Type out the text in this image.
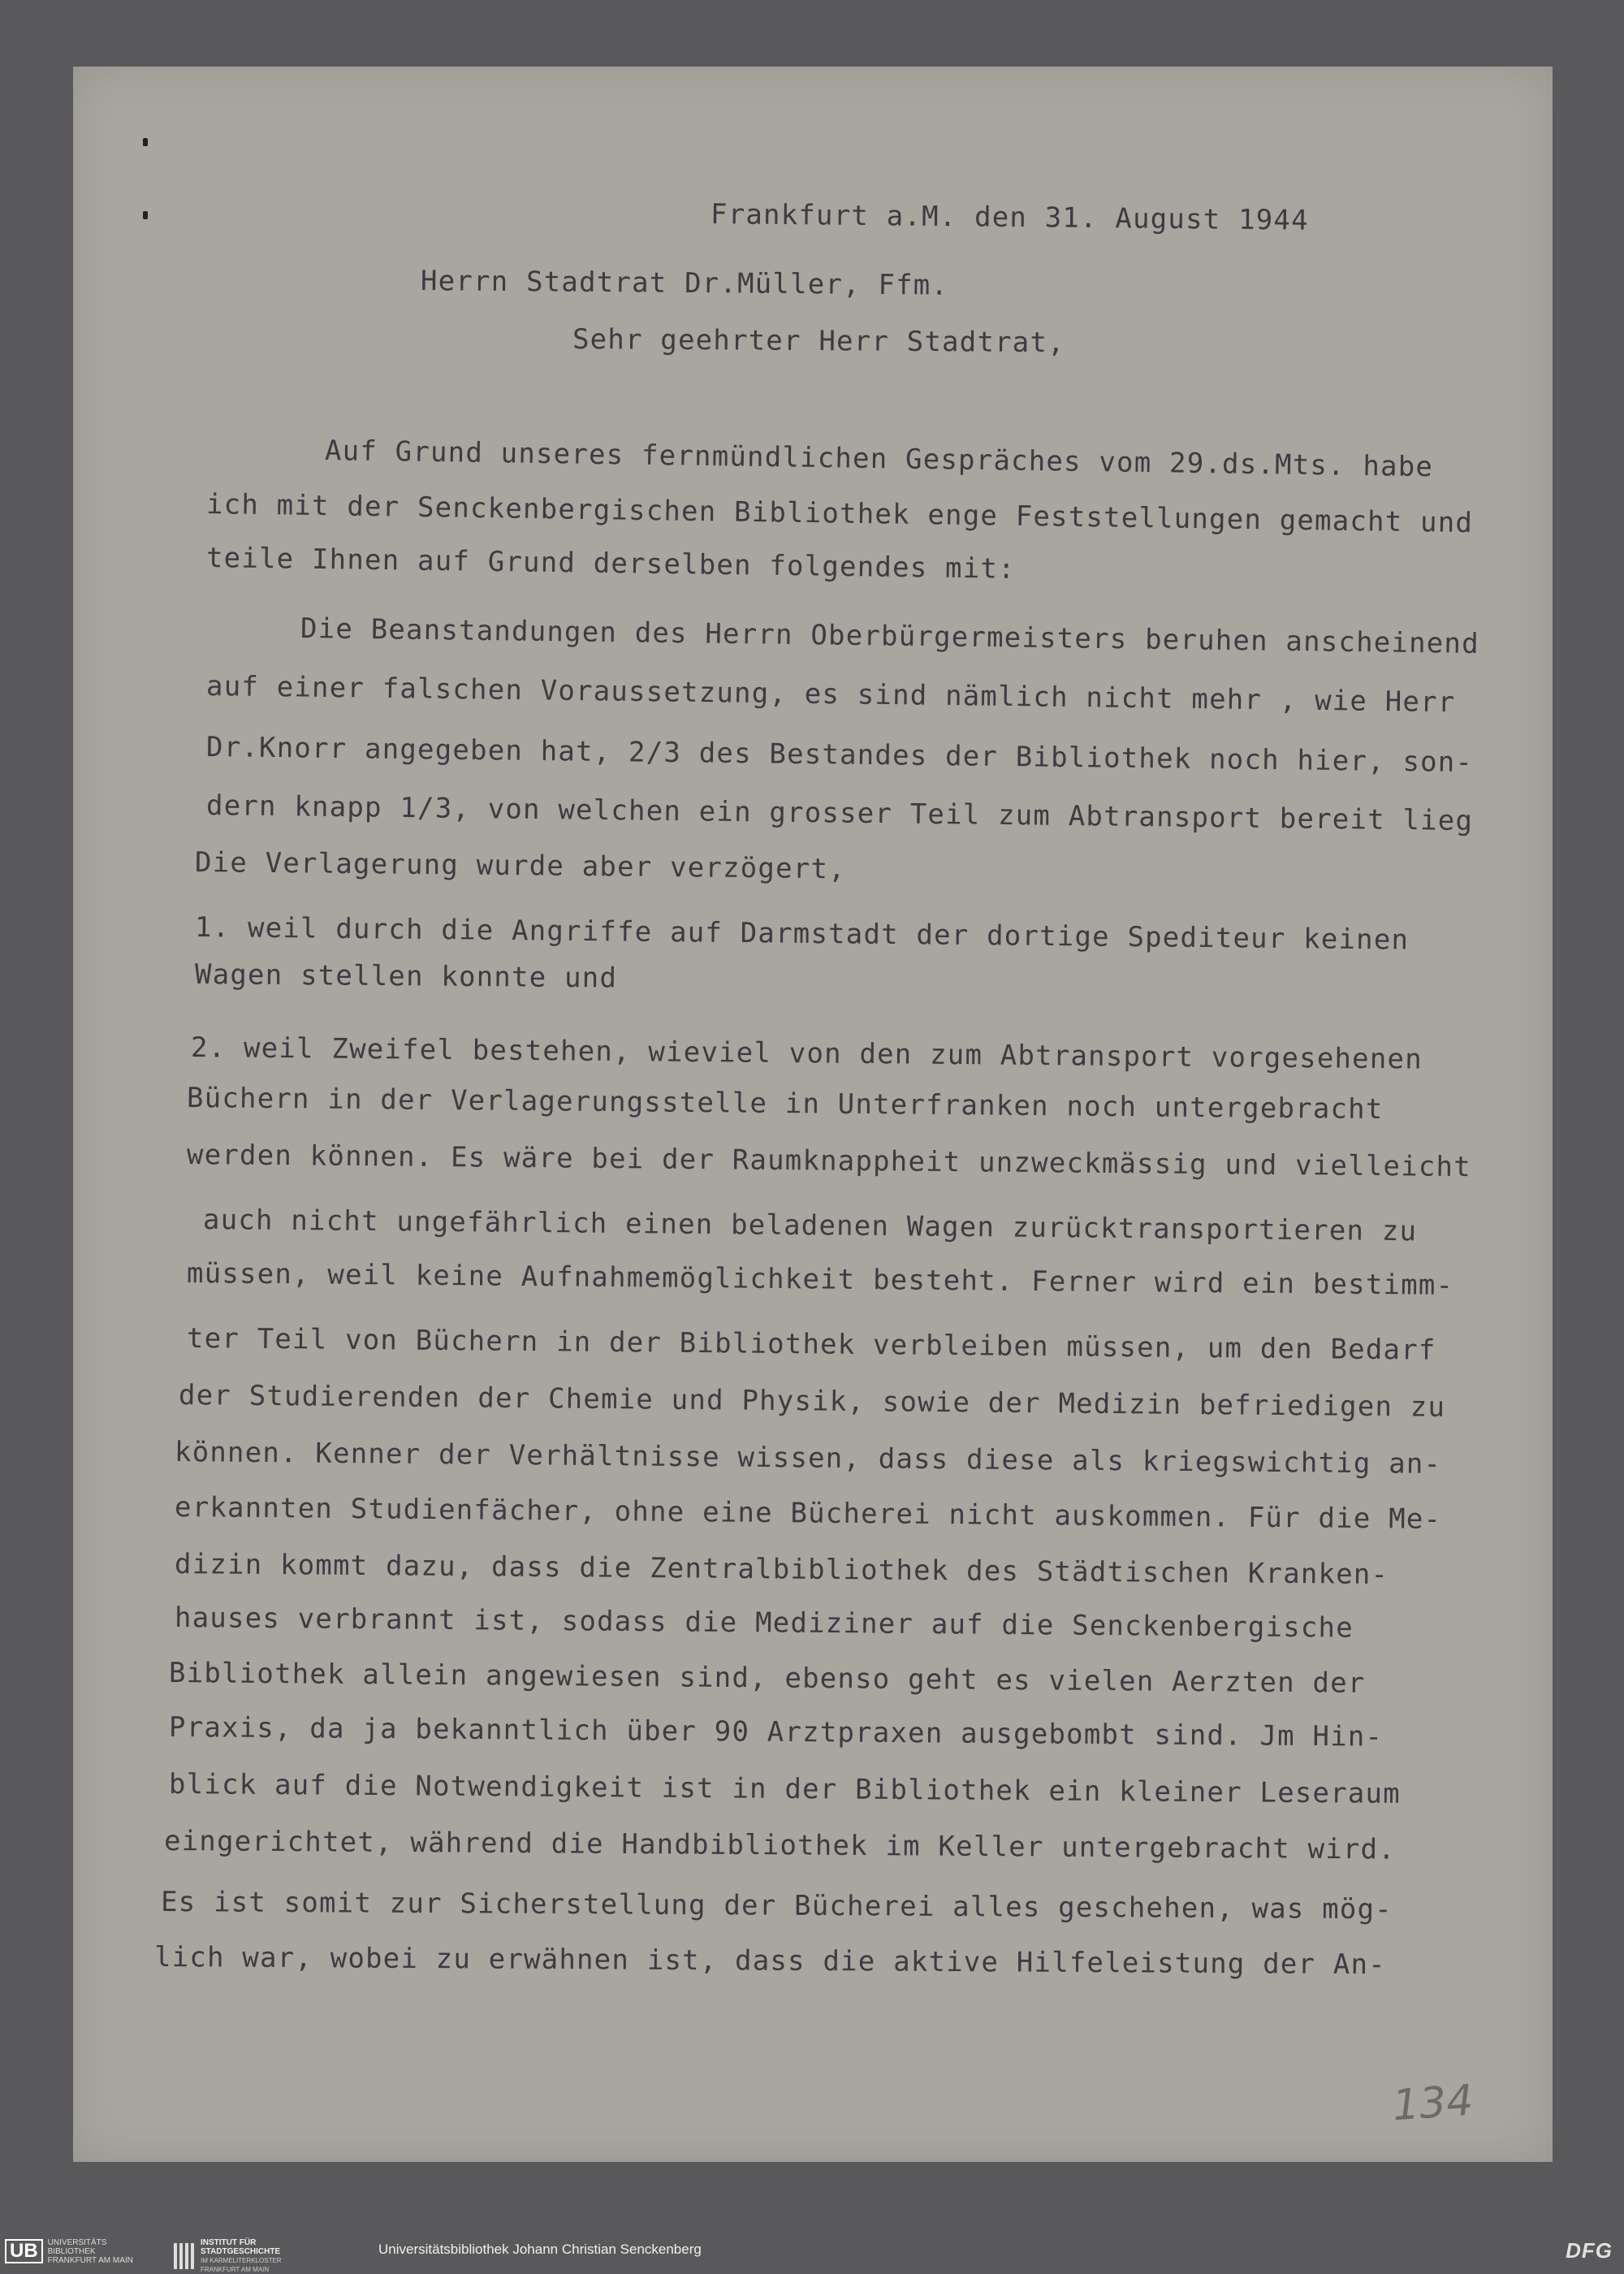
Frankfurt a.M. den 31. August 1944
Herrn Stadtrat Dr.Müller, Ffm.
Sehr geehrter Herr Stadtrat,
Auf Grund unseres fernmündlichen Gespräches vom 29.ds.Mts. habe
ich mit der Senckenbergischen Bibliothek enge Feststellungen gemacht und
teile Ihnen auf Grund derselben folgendes mit:
Die Beanstandungen des Herrn Oberbürgermeisters beruhen anscheinend
auf einer falschen Voraussetzung, es sind nämlich nicht mehr , wie Herr
Dr.Knorr angegeben hat, 2/3 des Bestandes der Bibliothek noch hier, son-
dern knapp 1/3, von welchen ein grosser Teil zum Abtransport bereit lieg
Die Verlagerung wurde aber verzögert,
1. weil durch die Angriffe auf Darmstadt der dortige Spediteur keinen
Wagen stellen konnte und
2. weil Zweifel bestehen, wieviel von den zum Abtransport vorgesehenen
Büchern in der Verlagerungsstelle in Unterfranken noch untergebracht
werden können. Es wäre bei der Raumknappheit unzweckmässig und vielleicht
auch nicht ungefährlich einen beladenen Wagen zurücktransportieren zu
müssen, weil keine Aufnahmemöglichkeit besteht. Ferner wird ein bestimm-
ter Teil von Büchern in der Bibliothek verbleiben müssen, um den Bedarf
der Studierenden der Chemie und Physik, sowie der Medizin befriedigen zu
können. Kenner der Verhältnisse wissen, dass diese als kriegswichtig an-
erkannten Studienfächer, ohne eine Bücherei nicht auskommen. Für die Me-
dizin kommt dazu, dass die Zentralbibliothek des Städtischen Kranken-
hauses verbrannt ist, sodass die Mediziner auf die Senckenbergische
Bibliothek allein angewiesen sind, ebenso geht es vielen Aerzten der
Praxis, da ja bekanntlich über 90 Arztpraxen ausgebombt sind. Jm Hin-
blick auf die Notwendigkeit ist in der Bibliothek ein kleiner Leseraum
eingerichtet, während die Handbibliothek im Keller untergebracht wird.
Es ist somit zur Sicherstellung der Bücherei alles geschehen, was mög-
lich war, wobei zu erwähnen ist, dass die aktive Hilfeleistung der An-
134
UB	UNIVERSITÄTS
BIBLIOTHEK
FRANKFURT AM MAIN
INSTITUT FÜR
STADTGESCHICHTE
IM KARMELITERKLOSTER
FRANKFURT AM MAIN
Universitätsbibliothek Johann Christian Senckenberg	DFG
